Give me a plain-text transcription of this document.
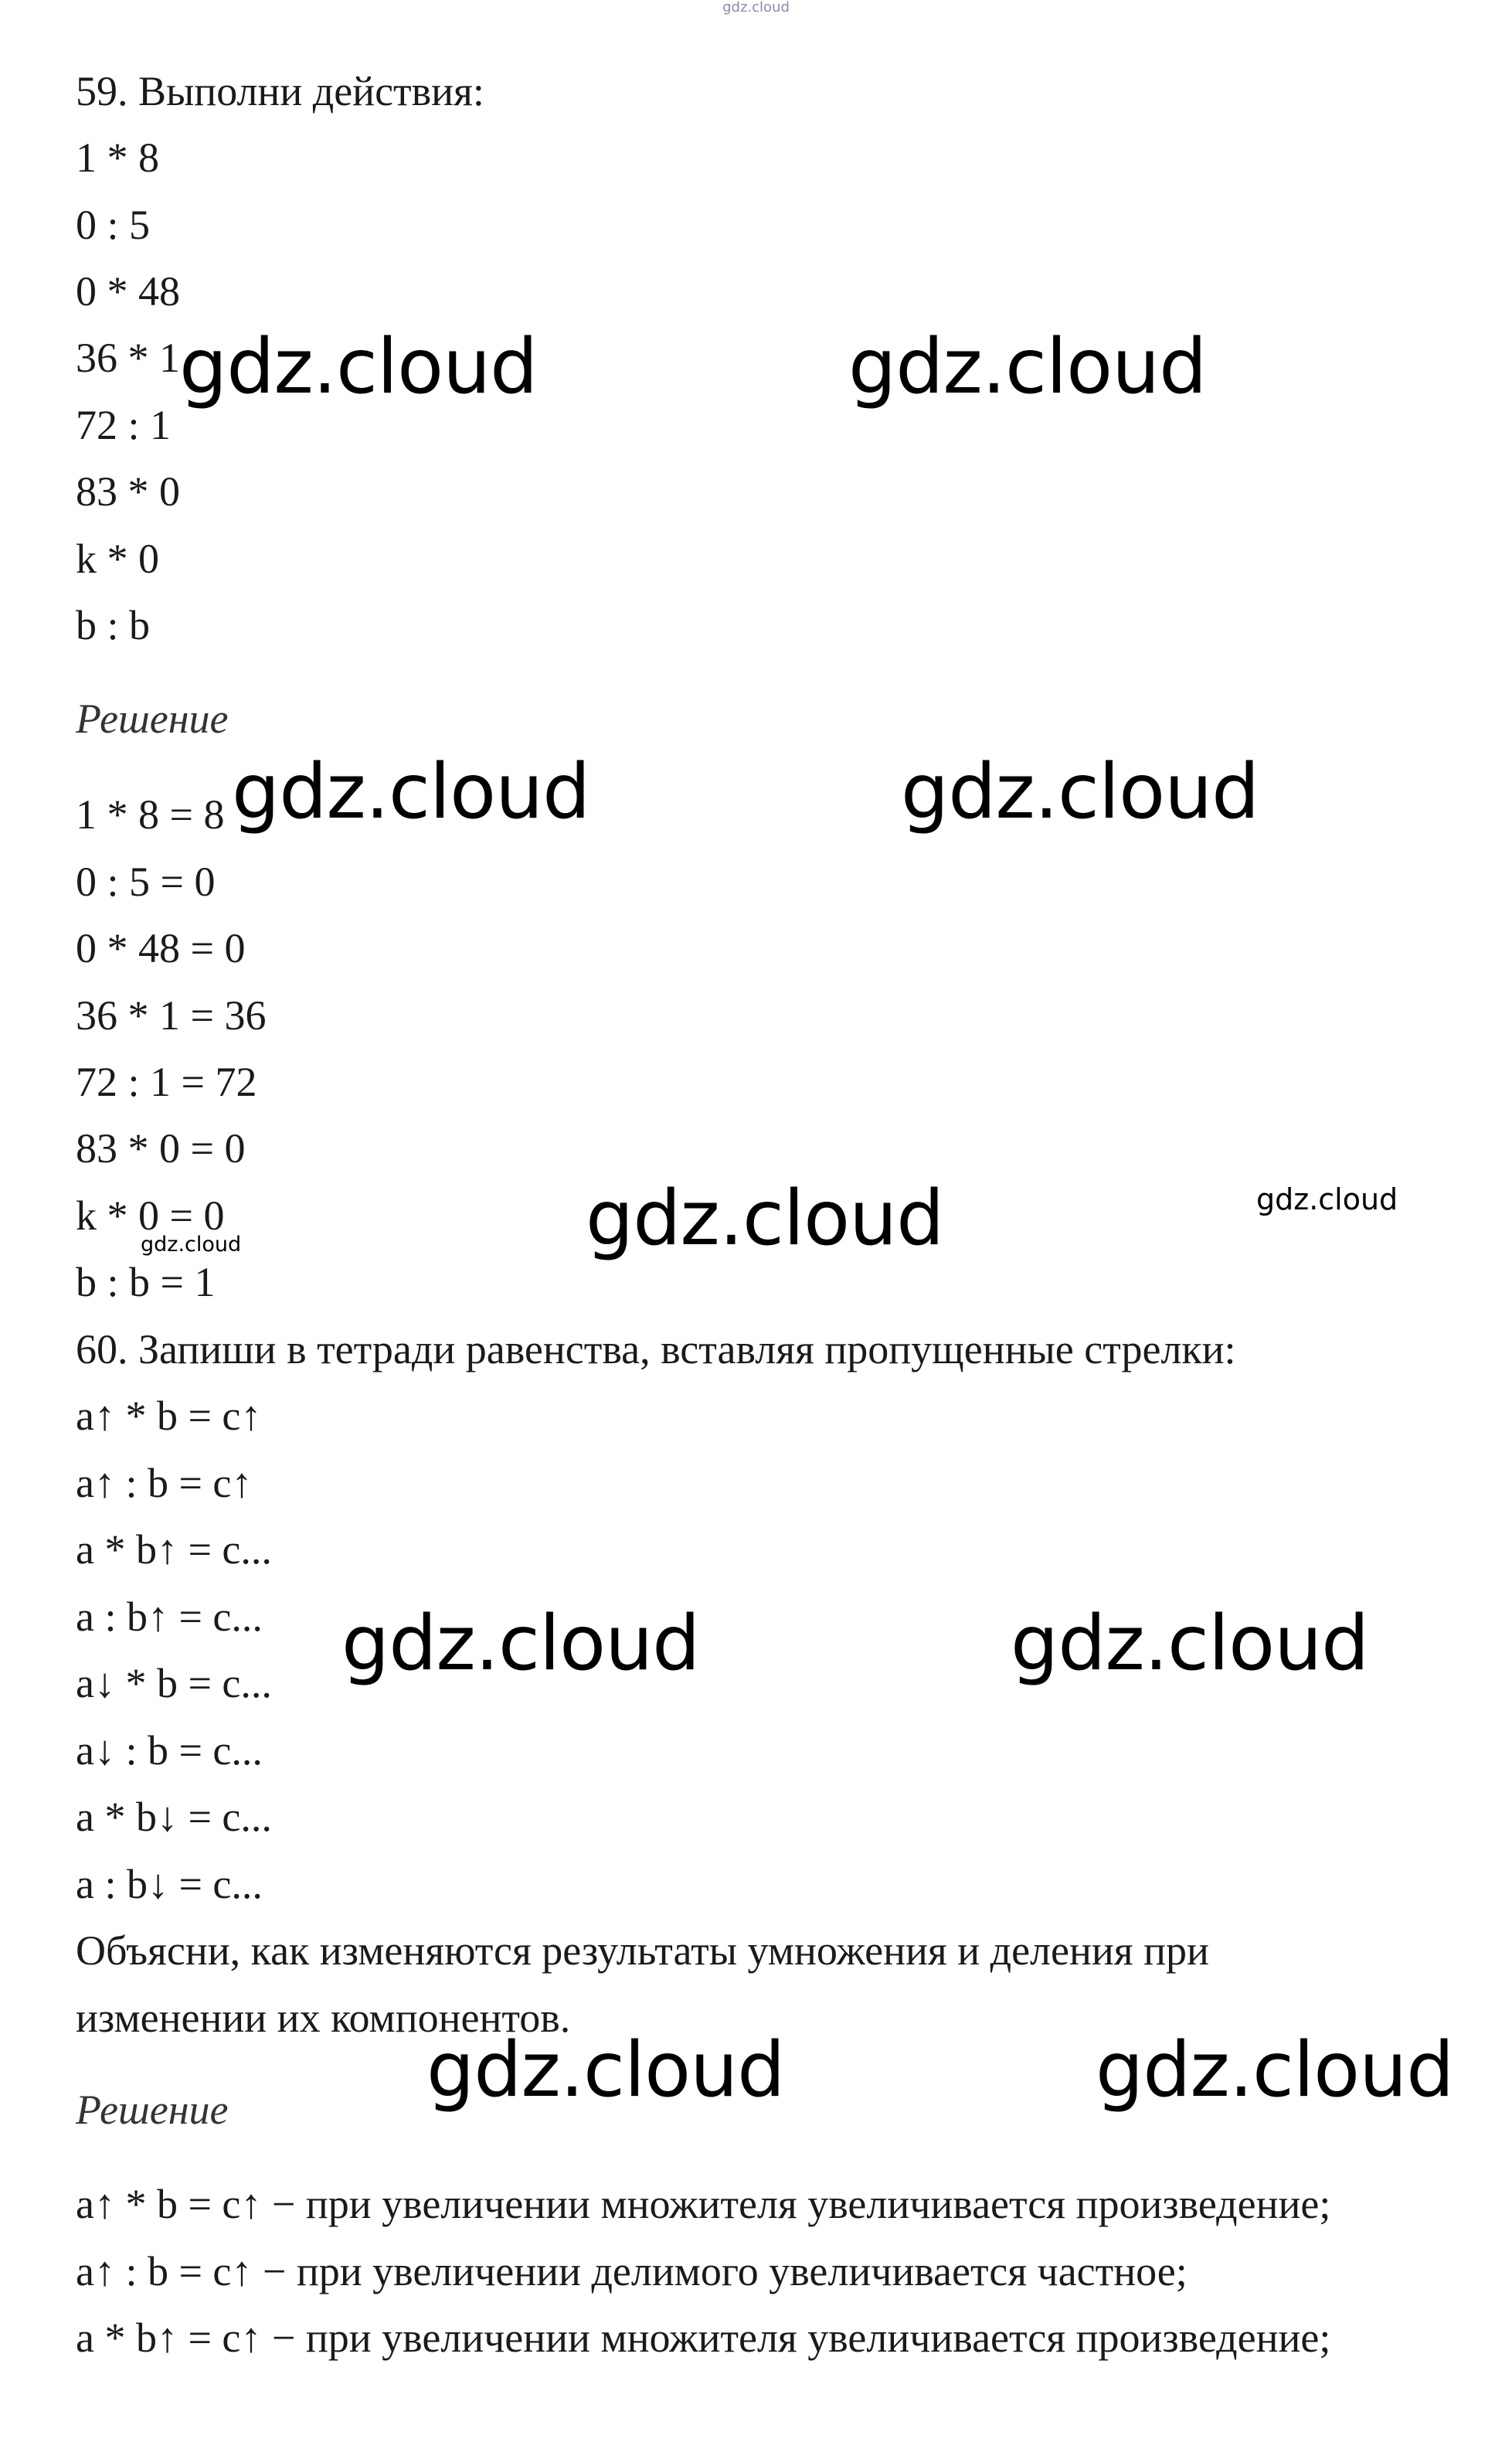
gdz.cloud
59. Выполни действия:
1 * 8
0 : 5
0 * 48
36 * 1
72 : 1
83 * 0
k * 0
b : b
Решение
1 * 8 = 8
0 : 5 = 0
0 * 48 = 0
36 * 1 = 36
72 : 1 = 72
83 * 0 = 0
k * 0 = 0
b : b = 1
60. Запиши в тетради равенства, вставляя пропущенные стрелки:
a↑ * b = c↑
a↑ : b = c↑
a * b↑ = c...
a : b↑ = c...
a↓ * b = c...
a↓ : b = c...
a * b↓ = c...
a : b↓ = c...
Объясни, как изменяются результаты умножения и деления при
изменении их компонентов.
Решение
a↑ * b = c↑ − при увеличении множителя увеличивается произведение;
a↑ : b = c↑ − при увеличении делимого увеличивается частное;
a * b↑ = c↑ − при увеличении множителя увеличивается произведение;
gdz.cloud	gdz.cloud
gdz.cloud	gdz.cloud
gdz.cloud	gdz.cloud
gdz.cloud
gdz.cloud	gdz.cloud
gdz.cloud	gdz.cloud
